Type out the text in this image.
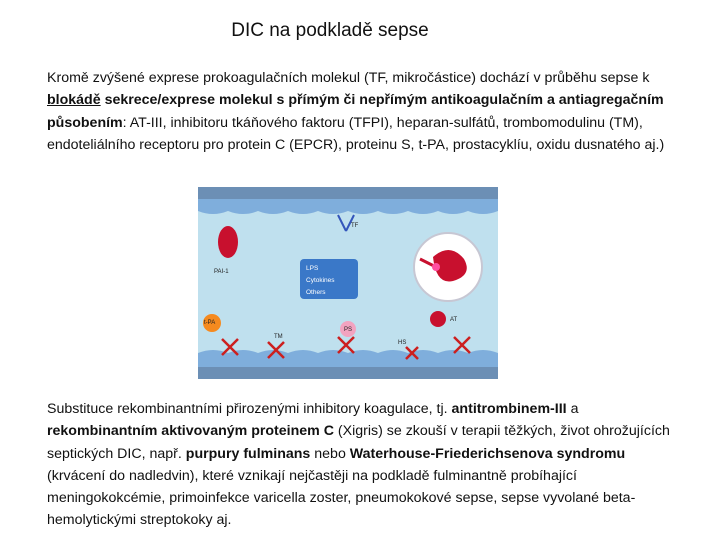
DIC na podkladě sepse
Kromě zvýšené exprese prokoagulačních molekul (TF, mikročástice) dochází v průběhu sepse k blokádě sekrece/exprese molekul s přímým či nepřímým antikoagulačním a antiagregačním působením: AT-III, inhibitoru tkáňového faktoru (TFPI), heparan-sulfátů, trombomodulinu (TM), endoteliálního receptoru pro protein C (EPCR), proteinu S, t-PA, prostacyklíu, oxidu dusnatého aj.)
TF
PAI-1	LPS
Cytokines
Others
t-PA
TM
PS
AT
HS
Substituce rekombinantními přirozenými inhibitory koagulace, tj. antitrombinem-III a rekombinantním aktivovaným proteinem C (Xigris) se zkouší v terapii těžkých, život ohrožujících septických DIC, např. purpury fulminans nebo Waterhouse-Friederichsenova syndromu (krvácení do nadledvin), které vznikají nejčastěji na podkladě fulminantně probíhající meningokokcémie, primoinfekce varicella zoster, pneumokokové sepse, sepse vyvolané beta-hemolytickými streptokoky aj.
